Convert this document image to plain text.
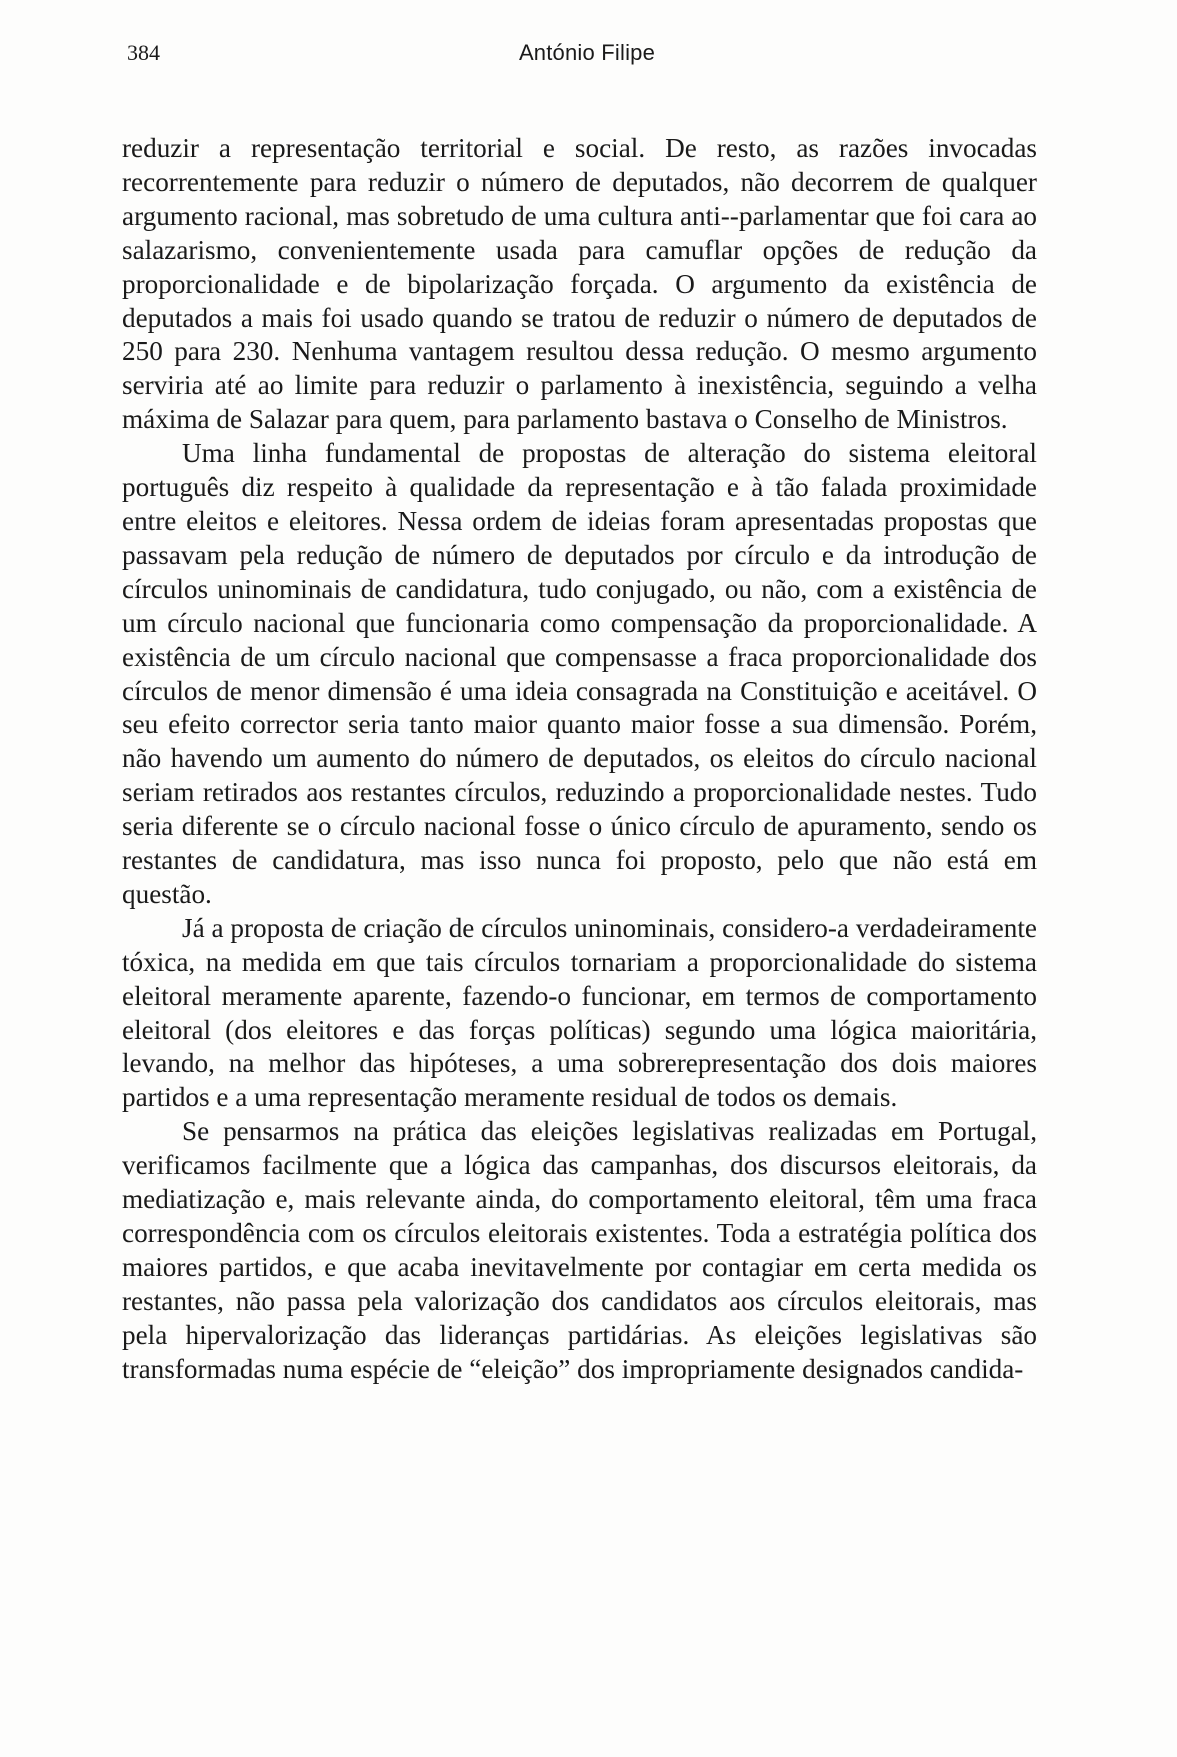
384	António Filipe

reduzir a representação territorial e social. De resto, as razões invocadas recorrentemente para reduzir o número de deputados, não decorrem de qualquer argumento racional, mas sobretudo de uma cultura anti--parlamentar que foi cara ao salazarismo, convenientemente usada para camuflar opções de redução da proporcionalidade e de bipolarização forçada. O argumento da existência de deputados a mais foi usado quando se tratou de reduzir o número de deputados de 250 para 230. Nenhuma vantagem resultou dessa redução. O mesmo argumento serviria até ao limite para reduzir o parlamento à inexistência, seguindo a velha máxima de Salazar para quem, para parlamento bastava o Conselho de Ministros.

Uma linha fundamental de propostas de alteração do sistema eleitoral português diz respeito à qualidade da representação e à tão falada proximidade entre eleitos e eleitores. Nessa ordem de ideias foram apresentadas propostas que passavam pela redução de número de deputados por círculo e da introdução de círculos uninominais de candidatura, tudo conjugado, ou não, com a existência de um círculo nacional que funcionaria como compensação da proporcionalidade. A existência de um círculo nacional que compensasse a fraca proporcionalidade dos círculos de menor dimensão é uma ideia consagrada na Constituição e aceitável. O seu efeito corrector seria tanto maior quanto maior fosse a sua dimensão. Porém, não havendo um aumento do número de deputados, os eleitos do círculo nacional seriam retirados aos restantes círculos, reduzindo a proporcionalidade nestes. Tudo seria diferente se o círculo nacional fosse o único círculo de apuramento, sendo os restantes de candidatura, mas isso nunca foi proposto, pelo que não está em questão.

Já a proposta de criação de círculos uninominais, considero-a verdadeiramente tóxica, na medida em que tais círculos tornariam a proporcionalidade do sistema eleitoral meramente aparente, fazendo-o funcionar, em termos de comportamento eleitoral (dos eleitores e das forças políticas) segundo uma lógica maioritária, levando, na melhor das hipóteses, a uma sobrerepresentação dos dois maiores partidos e a uma representação meramente residual de todos os demais.

Se pensarmos na prática das eleições legislativas realizadas em Portugal, verificamos facilmente que a lógica das campanhas, dos discursos eleitorais, da mediatização e, mais relevante ainda, do comportamento eleitoral, têm uma fraca correspondência com os círculos eleitorais existentes. Toda a estratégia política dos maiores partidos, e que acaba inevitavelmente por contagiar em certa medida os restantes, não passa pela valorização dos candidatos aos círculos eleitorais, mas pela hipervalorização das lideranças partidárias. As eleições legislativas são transformadas numa espécie de “eleição” dos impropriamente designados candida-
